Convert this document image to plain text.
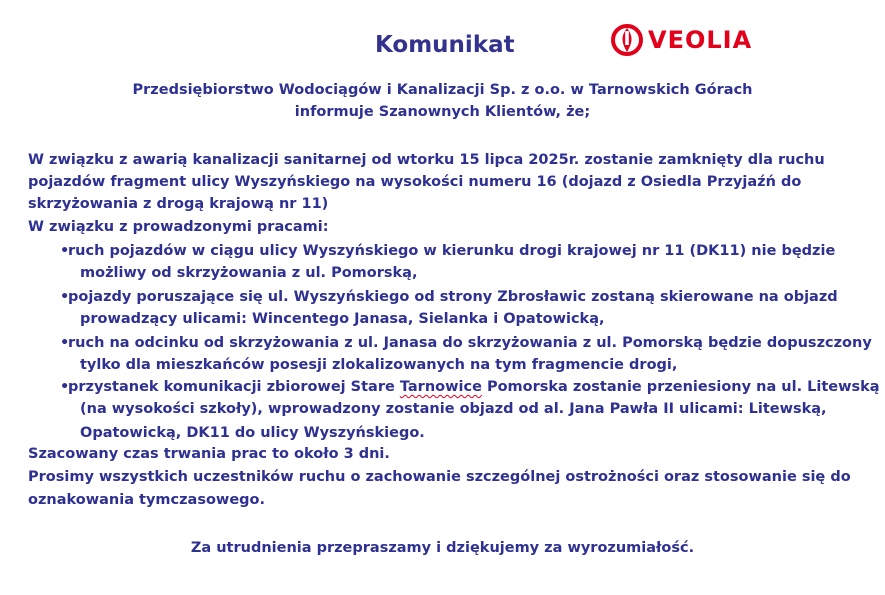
Komunikat	VEOLIA
Przedsiębiorstwo Wodociągów i Kanalizacji Sp. z o.o. w Tarnowskich Górach
informuje Szanownych Klientów, że;
W związku z awarią kanalizacji sanitarnej od wtorku 15 lipca 2025r. zostanie zamknięty dla ruchu
pojazdów fragment ulicy Wyszyńskiego na wysokości numeru 16 (dojazd z Osiedla Przyjaźń do
skrzyżowania z drogą krajową nr 11)
W związku z prowadzonymi pracami:
•
ruch pojazdów w ciągu ulicy Wyszyńskiego w kierunku drogi krajowej nr 11 (DK11) nie będzie
możliwy od skrzyżowania z ul. Pomorską,
•
pojazdy poruszające się ul. Wyszyńskiego od strony Zbrosławic zostaną skierowane na objazd
prowadzący ulicami: Wincentego Janasa, Sielanka i Opatowicką,
•
ruch na odcinku od skrzyżowania z ul. Janasa do skrzyżowania z ul. Pomorską będzie dopuszczony
tylko dla mieszkańców posesji zlokalizowanych na tym fragmencie drogi,
•
przystanek komunikacji zbiorowej Stare Tarnowice Pomorska zostanie przeniesiony na ul. Litewską
(na wysokości szkoły), wprowadzony zostanie objazd od al. Jana Pawła II ulicami: Litewską,
Opatowicką, DK11 do ulicy Wyszyńskiego.
Szacowany czas trwania prac to około 3 dni.
Prosimy wszystkich uczestników ruchu o zachowanie szczególnej ostrożności oraz stosowanie się do
oznakowania tymczasowego.
Za utrudnienia przepraszamy i dziękujemy za wyrozumiałość.
